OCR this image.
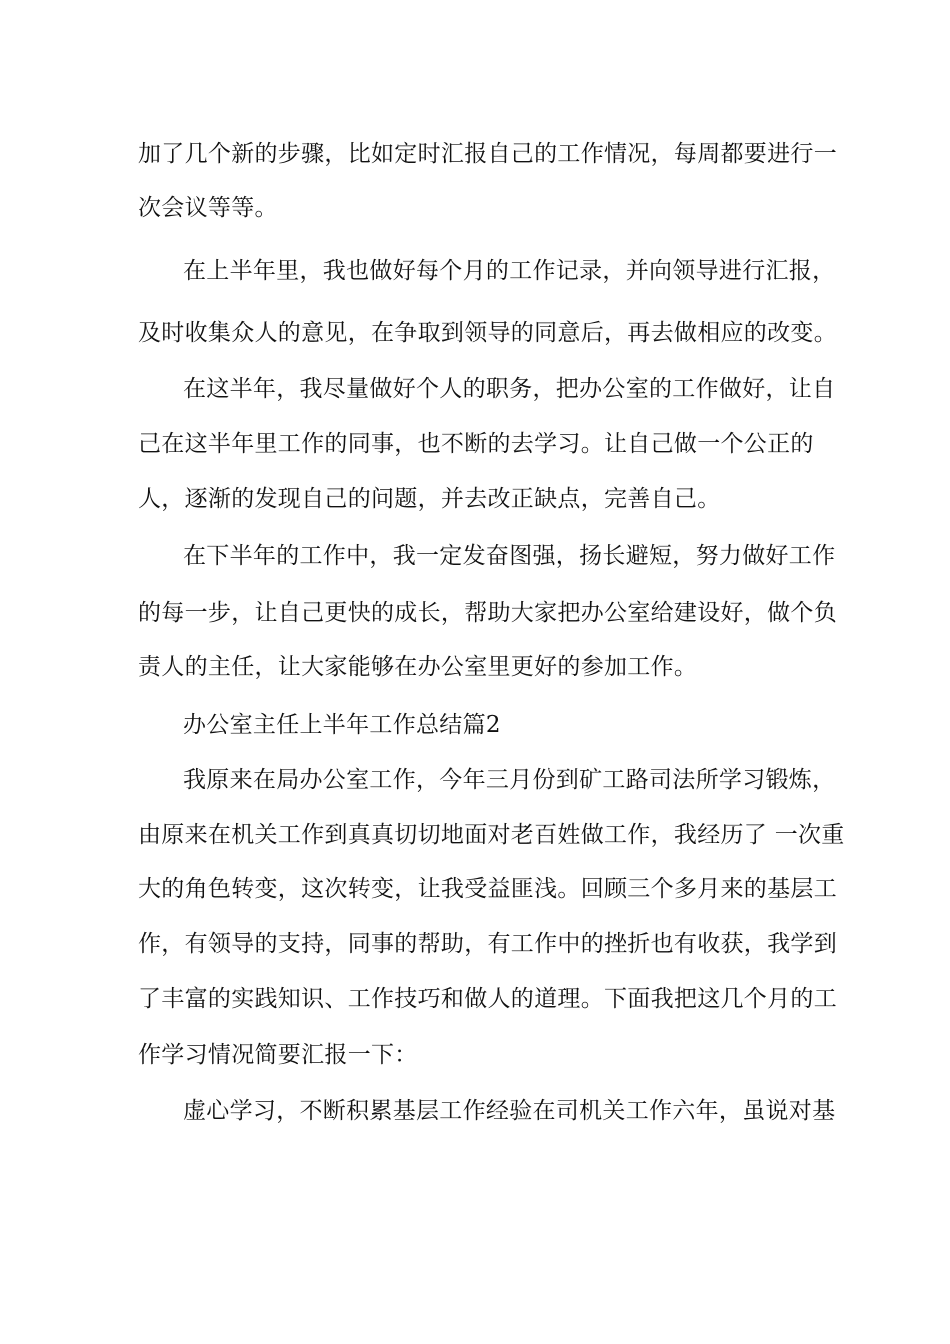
加了几个新的步骤，比如定时汇报自己的工作情况，每周都要进行一
次会议等等。
在上半年里，我也做好每个月的工作记录，并向领导进行汇报，
及时收集众人的意见，在争取到领导的同意后，再去做相应的改变。
在这半年，我尽量做好个人的职务，把办公室的工作做好，让自
己在这半年里工作的同事，也不断的去学习。让自己做一个公正的
人，逐渐的发现自己的问题，并去改正缺点，完善自己。
在下半年的工作中，我一定发奋图强，扬长避短，努力做好工作
的每一步，让自己更快的成长，帮助大家把办公室给建设好，做个负
责人的主任，让大家能够在办公室里更好的参加工作。
办公室主任上半年工作总结篇2
我原来在局办公室工作，今年三月份到矿工路司法所学习锻炼，
由原来在机关工作到真真切切地面对老百姓做工作，我经历了 一次重
大的角色转变，这次转变，让我受益匪浅。回顾三个多月来的基层工
作，有领导的支持，同事的帮助，有工作中的挫折也有收获，我学到
了丰富的实践知识、工作技巧和做人的道理。下面我把这几个月的工
作学习情况简要汇报一下：
虚心学习，不断积累基层工作经验在司机关工作六年，虽说对基
